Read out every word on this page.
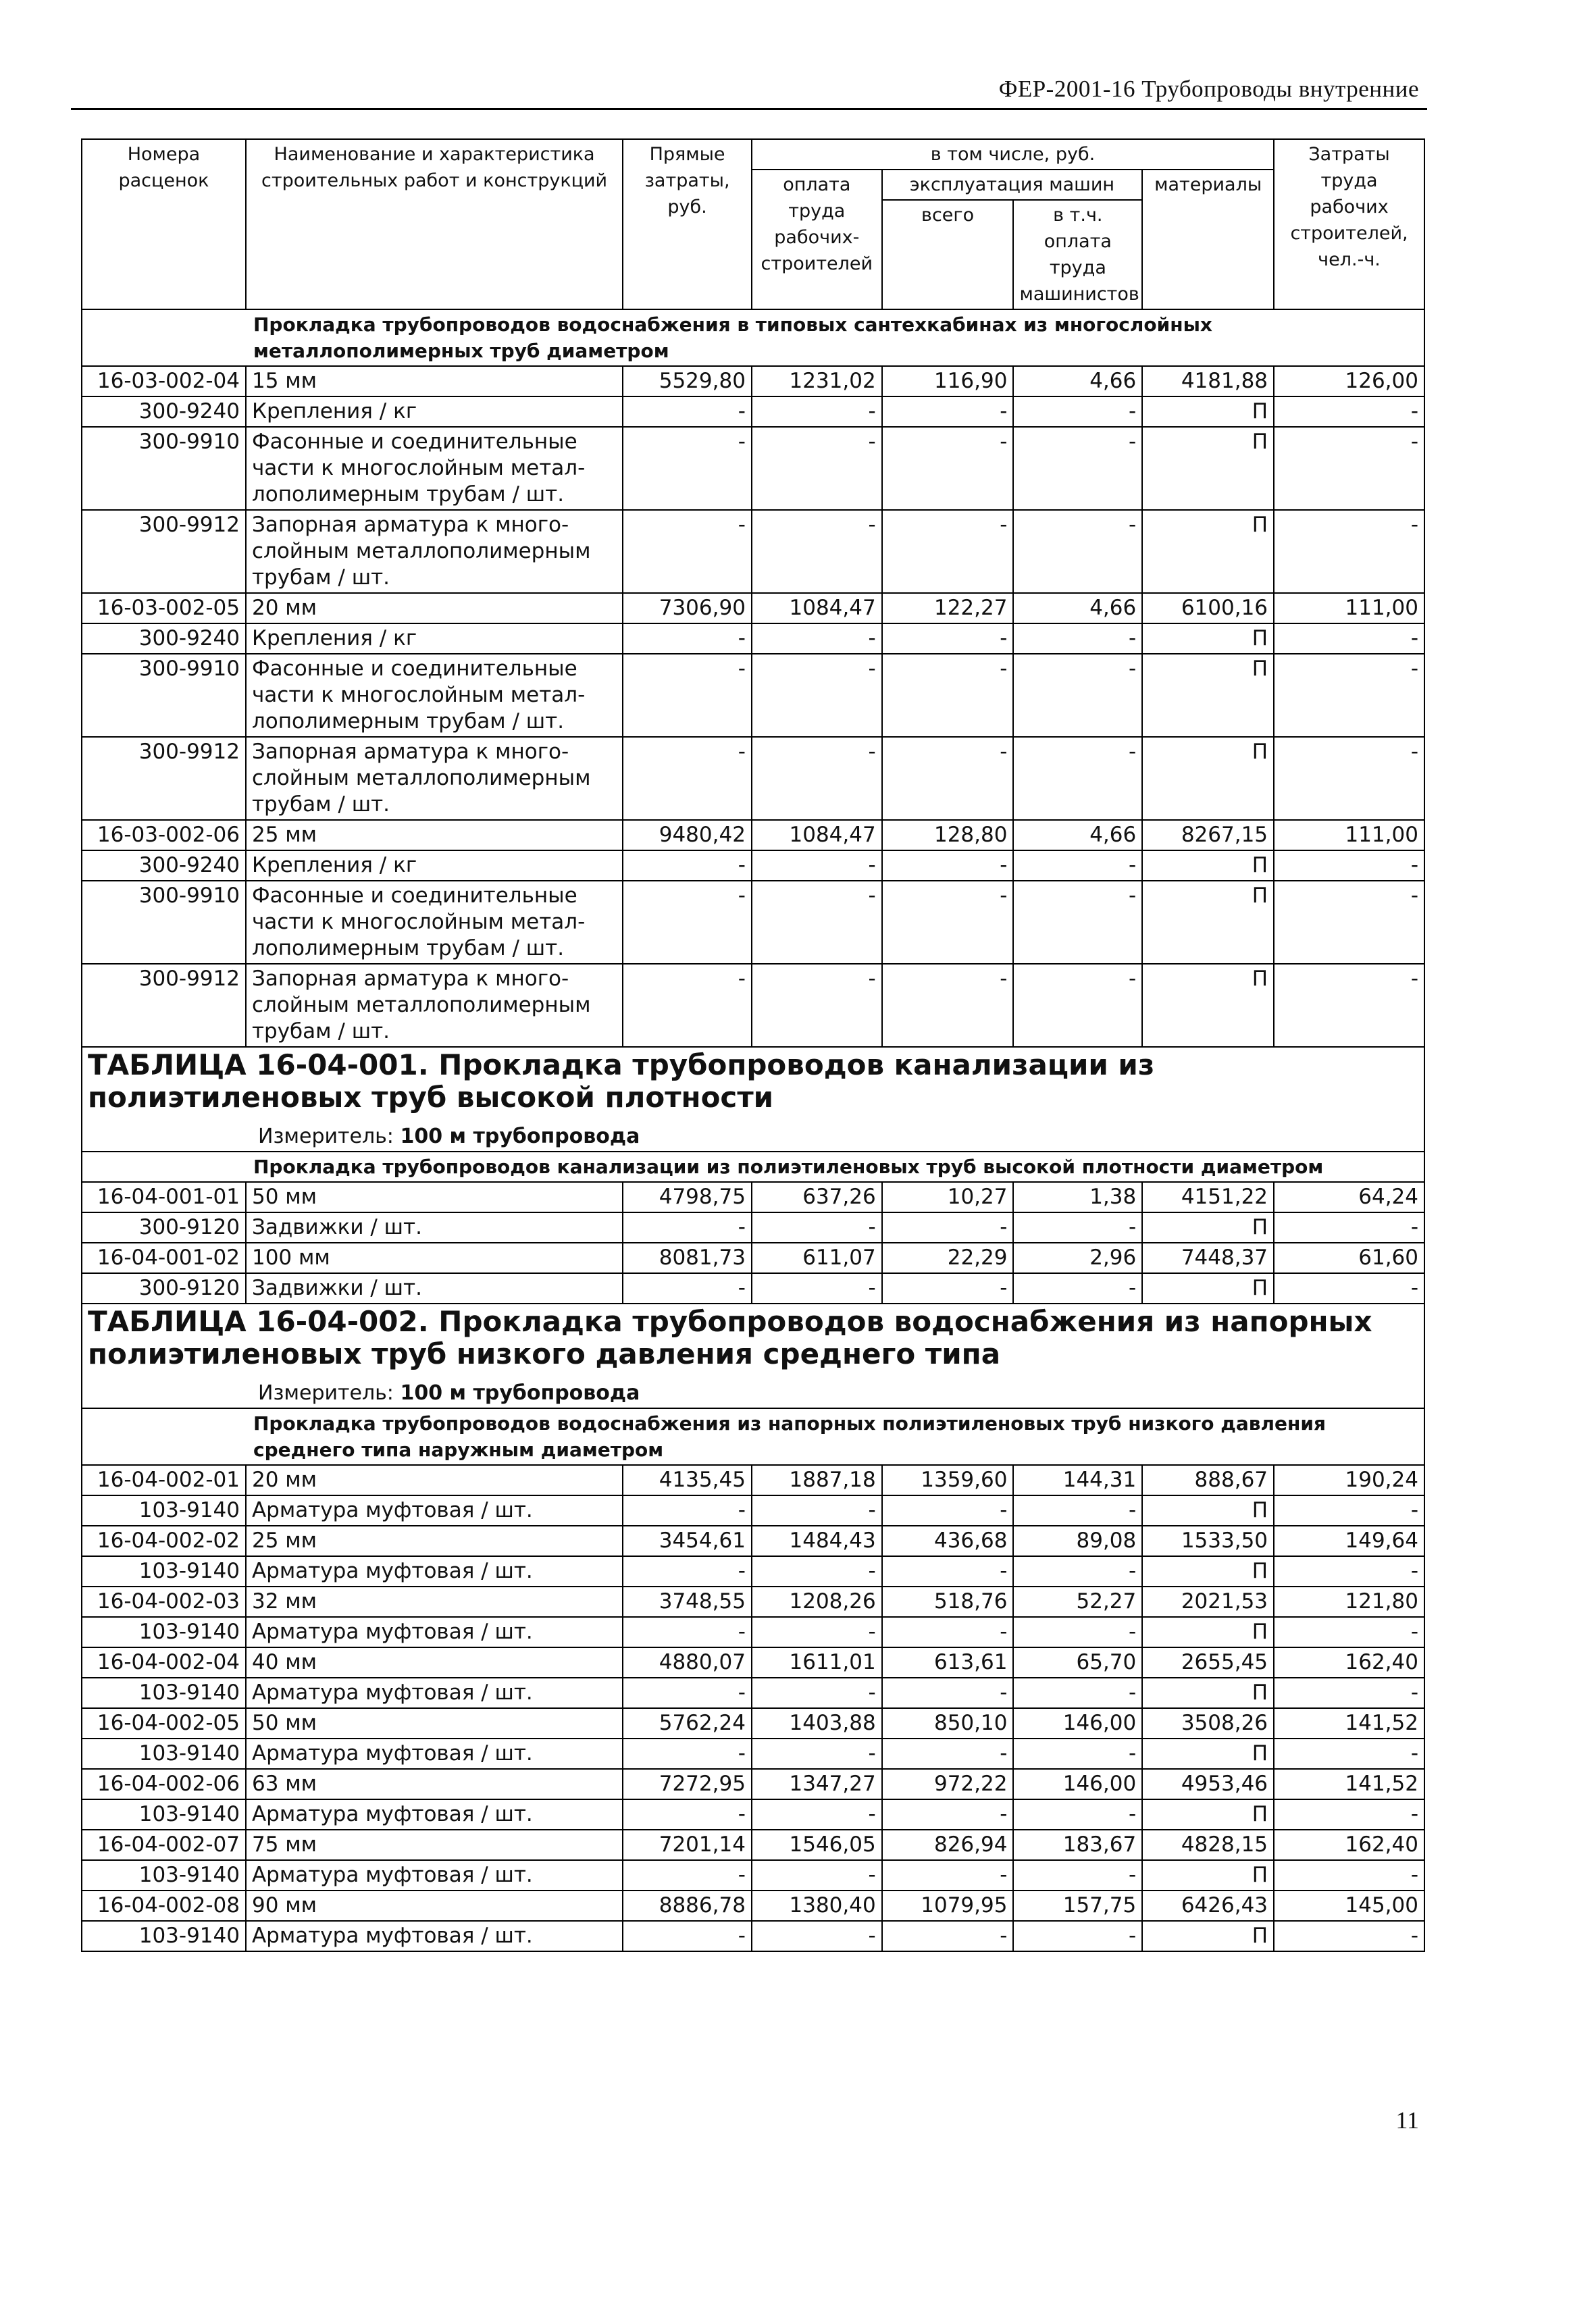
ФЕР-2001-16 Трубопроводы внутренние
Номера расценок	Наименование и характеристика строительных работ и конструкций	Прямые затраты, руб.	в том числе, руб.				Затраты труда рабочих строителей, чел.-ч.
			оплата труда рабочих-строителей	эксплуатация машин		материалы	
				всего	в т.ч. оплата труда машинистов		

Прокладка трубопроводов водоснабжения в типовых сантехкабинах из многослойных металлополимерных труб диаметром							

16-03-002-04	15 мм	5529,80	1231,02	116,90	4,66	4181,88	126,00
300-9240	Крепления / кг	-	-	-	-	П	-
300-9910	Фасонные и соединительные части к многослойным метал-лополимерным трубам / шт.	-	-	-	-	П	-
300-9912	Запорная арматура к много-слойным металлополимерным трубам / шт.	-	-	-	-	П	-
16-03-002-05	20 мм	7306,90	1084,47	122,27	4,66	6100,16	111,00
300-9240	Крепления / кг	-	-	-	-	П	-
300-9910	Фасонные и соединительные части к многослойным метал-лополимерным трубам / шт.	-	-	-	-	П	-
300-9912	Запорная арматура к много-слойным металлополимерным трубам / шт.	-	-	-	-	П	-
16-03-002-06	25 мм	9480,42	1084,47	128,80	4,66	8267,15	111,00
300-9240	Крепления / кг	-	-	-	-	П	-
300-9910	Фасонные и соединительные части к многослойным метал-лополимерным трубам / шт.	-	-	-	-	П	-
300-9912	Запорная арматура к много-слойным металлополимерным трубам / шт.	-	-	-	-	П	-

ТАБЛИЦА 16-04-001. Прокладка трубопроводов канализации из полиэтиленовых труб высокой плотности
Измеритель: 100 м трубопровода							

Прокладка трубопроводов канализации из полиэтиленовых труб высокой плотности диаметром							

16-04-001-01	50 мм	4798,75	637,26	10,27	1,38	4151,22	64,24
300-9120	Задвижки / шт.	-	-	-	-	П	-
16-04-001-02	100 мм	8081,73	611,07	22,29	2,96	7448,37	61,60
300-9120	Задвижки / шт.	-	-	-	-	П	-

ТАБЛИЦА 16-04-002. Прокладка трубопроводов водоснабжения из напорных полиэтиленовых труб низкого давления среднего типа
Измеритель: 100 м трубопровода							

Прокладка трубопроводов водоснабжения из напорных полиэтиленовых труб низкого давления среднего типа наружным диаметром							

16-04-002-01	20 мм	4135,45	1887,18	1359,60	144,31	888,67	190,24
103-9140	Арматура муфтовая / шт.	-	-	-	-	П	-
16-04-002-02	25 мм	3454,61	1484,43	436,68	89,08	1533,50	149,64
103-9140	Арматура муфтовая / шт.	-	-	-	-	П	-
16-04-002-03	32 мм	3748,55	1208,26	518,76	52,27	2021,53	121,80
103-9140	Арматура муфтовая / шт.	-	-	-	-	П	-
16-04-002-04	40 мм	4880,07	1611,01	613,61	65,70	2655,45	162,40
103-9140	Арматура муфтовая / шт.	-	-	-	-	П	-
16-04-002-05	50 мм	5762,24	1403,88	850,10	146,00	3508,26	141,52
103-9140	Арматура муфтовая / шт.	-	-	-	-	П	-
16-04-002-06	63 мм	7272,95	1347,27	972,22	146,00	4953,46	141,52
103-9140	Арматура муфтовая / шт.	-	-	-	-	П	-
16-04-002-07	75 мм	7201,14	1546,05	826,94	183,67	4828,15	162,40
103-9140	Арматура муфтовая / шт.	-	-	-	-	П	-
16-04-002-08	90 мм	8886,78	1380,40	1079,95	157,75	6426,43	145,00
103-9140	Арматура муфтовая / шт.	-	-	-	-	П	-
11
